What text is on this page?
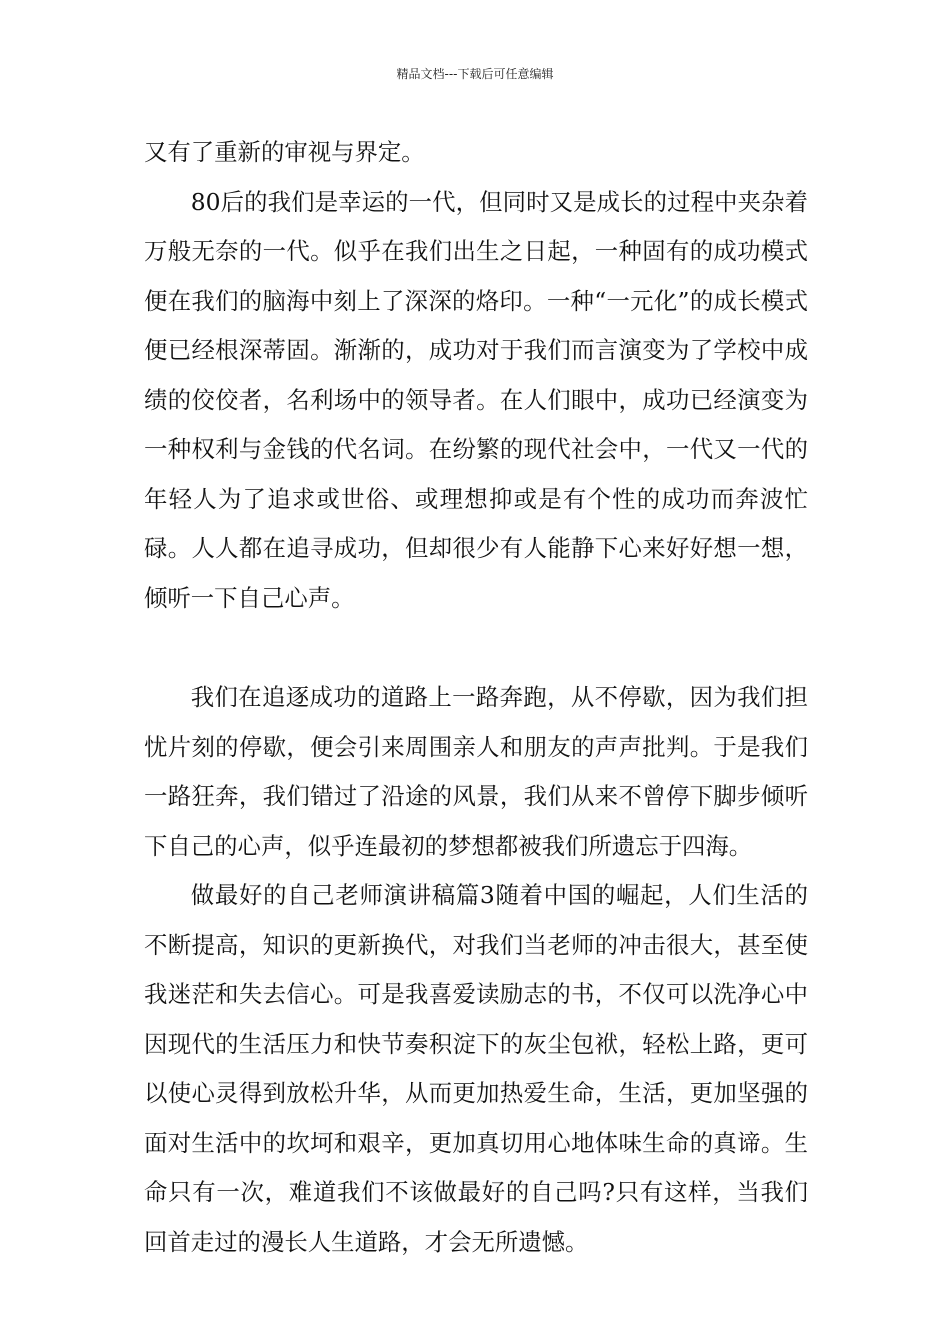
精品文档---下载后可任意编辑

又有了重新的审视与界定。

80后的我们是幸运的一代，但同时又是成长的过程中夹杂着万般无奈的一代。似乎在我们出生之日起，一种固有的成功模式便在我们的脑海中刻上了深深的烙印。一种“一元化”的成长模式便已经根深蒂固。渐渐的，成功对于我们而言演变为了学校中成绩的佼佼者，名利场中的领导者。在人们眼中，成功已经演变为一种权利与金钱的代名词。在纷繁的现代社会中，一代又一代的年轻人为了追求或世俗、或理想抑或是有个性的成功而奔波忙碌。人人都在追寻成功，但却很少有人能静下心来好好想一想，倾听一下自己心声。

我们在追逐成功的道路上一路奔跑，从不停歇，因为我们担忧片刻的停歇，便会引来周围亲人和朋友的声声批判。于是我们一路狂奔，我们错过了沿途的风景，我们从来不曾停下脚步倾听下自己的心声，似乎连最初的梦想都被我们所遗忘于四海。

做最好的自己老师演讲稿篇3随着中国的崛起，人们生活的不断提高，知识的更新换代，对我们当老师的冲击很大，甚至使我迷茫和失去信心。可是我喜爱读励志的书，不仅可以洗净心中因现代的生活压力和快节奏积淀下的灰尘包袱，轻松上路，更可以使心灵得到放松升华，从而更加热爱生命，生活，更加坚强的面对生活中的坎坷和艰辛，更加真切用心地体味生命的真谛。生命只有一次，难道我们不该做最好的自己吗?只有这样，当我们回首走过的漫长人生道路，才会无所遗憾。
